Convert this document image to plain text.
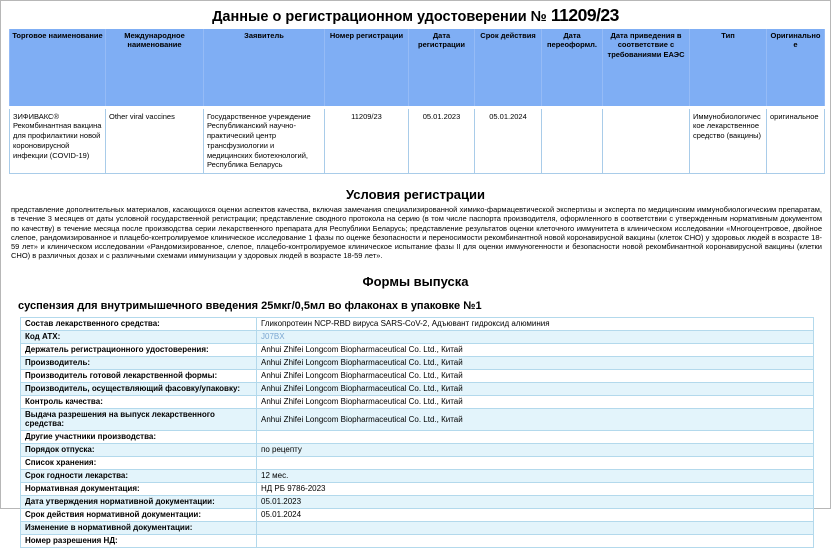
Данные о регистрационном удостоверении № 11209/23
Торговое наименование	Международное наименование	Заявитель	Номер регистрации	Дата регистрации	Срок действия	Дата переоформл.	Дата приведения в соответствие с требованиями ЕАЭС	Тип	Оригинальное
ЗИФИВАКС® Рекомбинантная вакцина для профилактики новой короновирусной инфекции (COVID-19)	Other viral vaccines	Государственное учреждение Республиканский научно-практический центр трансфузиологии и медицинских биотехнологий, Республика Беларусь	11209/23	05.01.2023	05.01.2024			Иммунобиологическое лекарственное средство (вакцины)	оригинальное
Условия регистрации
представление дополнительных материалов, касающихся оценки аспектов качества, включая замечания специализированной химико-фармацевтической экспертизы и эксперта по медицинским иммунобиологическим препаратам, в течение 3 месяцев от даты условной государственной регистрации; представление сводного протокола на серию (в том числе паспорта производителя, оформленного в соответствии с утвержденным нормативным документом по качеству) в течение месяца после производства серии лекарственного препарата для Республики Беларусь; представление результатов оценки клеточного иммунитета в клиническом исследовании «Многоцентровое, двойное слепое, рандомизированное и плацебо-контролируемое клиническое исследование 1 фазы по оценке безопасности и переносимости рекомбинантной новой коронавирусной вакцины (клеток СНО) у здоровых людей в возрасте 18-59 лет» и клиническом исследовании «Рандомизированное, слепое, плацебо-контролируемое клиническое испытание фазы II для оценки иммуногенности и безопасности новой рекомбинантной коронавирусной вакцины (клетки СНО) в различных дозах и с различными схемами иммунизации у здоровых людей в возрасте 18-59 лет».
Формы выпуска
суспензия для внутримышечного введения 25мкг/0,5мл во флаконах в упаковке №1
Состав лекарственного средства:	Гликопротеин NCP-RBD вируса SARS-CoV-2, Адъювант гидроксид алюминия
Код АТХ:	J07BX
Держатель регистрационного удостоверения:	Anhui Zhifei Longcom Biopharmaceutical Co. Ltd., Китай
Производитель:	Anhui Zhifei Longcom Biopharmaceutical Co. Ltd., Китай
Производитель готовой лекарственной формы:	Anhui Zhifei Longcom Biopharmaceutical Co. Ltd., Китай
Производитель, осуществляющий фасовку/упаковку:	Anhui Zhifei Longcom Biopharmaceutical Co. Ltd., Китай
Контроль качества:	Anhui Zhifei Longcom Biopharmaceutical Co. Ltd., Китай
Выдача разрешения на выпуск лекарственного средства:	Anhui Zhifei Longcom Biopharmaceutical Co. Ltd., Китай
Другие участники производства:	
Порядок отпуска:	по рецепту
Список хранения:	
Срок годности лекарства:	12 мес.
Нормативная документация:	НД РБ 9786-2023
Дата утверждения нормативной документации:	05.01.2023
Срок действия нормативной документации:	05.01.2024
Изменение в нормативной документации:	
Номер разрешения НД:	
